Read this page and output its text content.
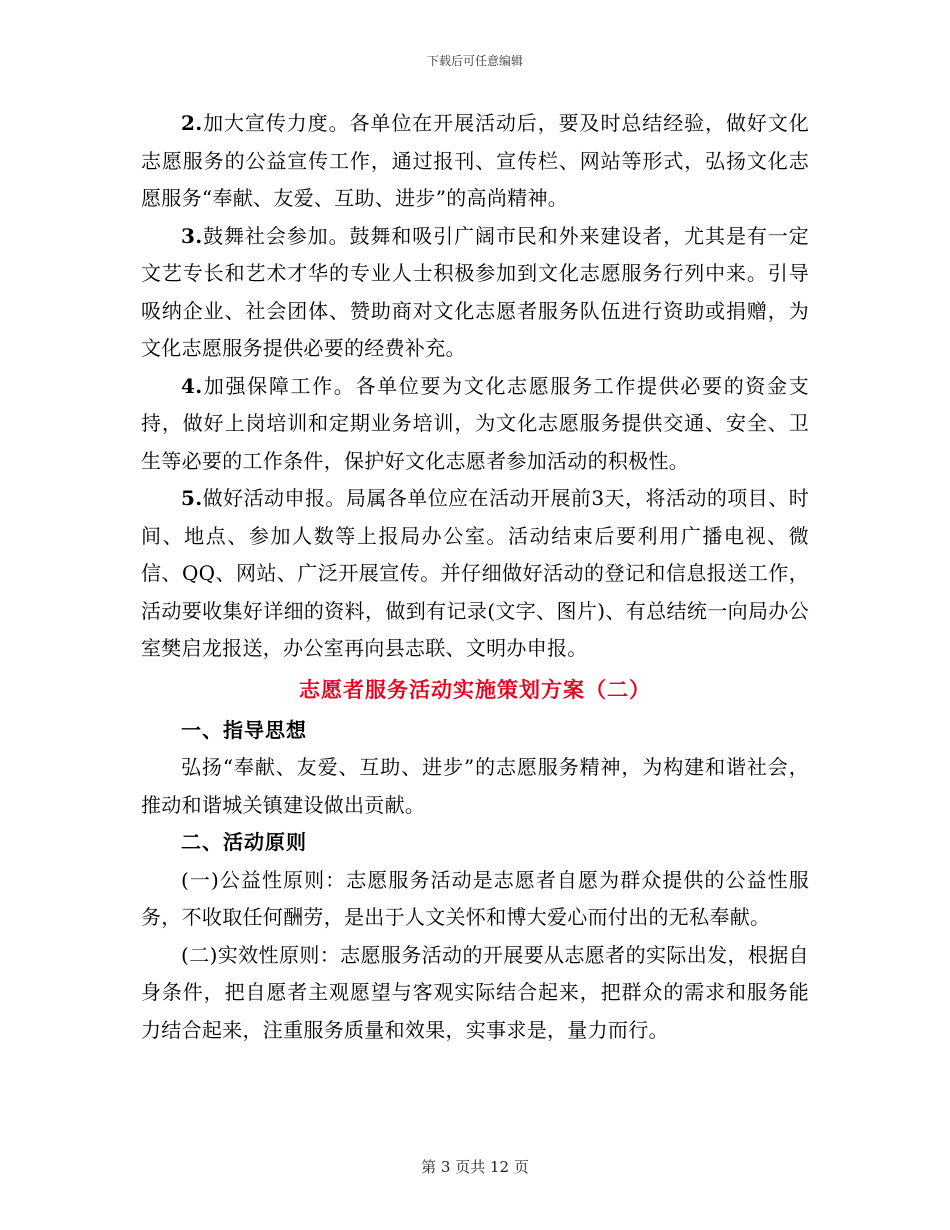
下载后可任意编辑

2.加大宣传力度。各单位在开展活动后，要及时总结经验，做好文化志愿服务的公益宣传工作，通过报刊、宣传栏、网站等形式，弘扬文化志愿服务“奉献、友爱、互助、进步”的高尚精神。

3.鼓舞社会参加。鼓舞和吸引广阔市民和外来建设者，尤其是有一定文艺专长和艺术才华的专业人士积极参加到文化志愿服务行列中来。引导吸纳企业、社会团体、赞助商对文化志愿者服务队伍进行资助或捐赠，为文化志愿服务提供必要的经费补充。

4.加强保障工作。各单位要为文化志愿服务工作提供必要的资金支持，做好上岗培训和定期业务培训，为文化志愿服务提供交通、安全、卫生等必要的工作条件，保护好文化志愿者参加活动的积极性。

5.做好活动申报。局属各单位应在活动开展前3天，将活动的项目、时间、地点、参加人数等上报局办公室。活动结束后要利用广播电视、微信、QQ、网站、广泛开展宣传。并仔细做好活动的登记和信息报送工作，活动要收集好详细的资料，做到有记录(文字、图片)、有总结统一向局办公室樊启龙报送，办公室再向县志联、文明办申报。

志愿者服务活动实施策划方案（二）

一、指导思想

弘扬“奉献、友爱、互助、进步”的志愿服务精神，为构建和谐社会，推动和谐城关镇建设做出贡献。

二、活动原则

(一)公益性原则：志愿服务活动是志愿者自愿为群众提供的公益性服务，不收取任何酬劳，是出于人文关怀和博大爱心而付出的无私奉献。

(二)实效性原则：志愿服务活动的开展要从志愿者的实际出发，根据自身条件，把自愿者主观愿望与客观实际结合起来，把群众的需求和服务能力结合起来，注重服务质量和效果，实事求是，量力而行。

第 3 页共 12 页
